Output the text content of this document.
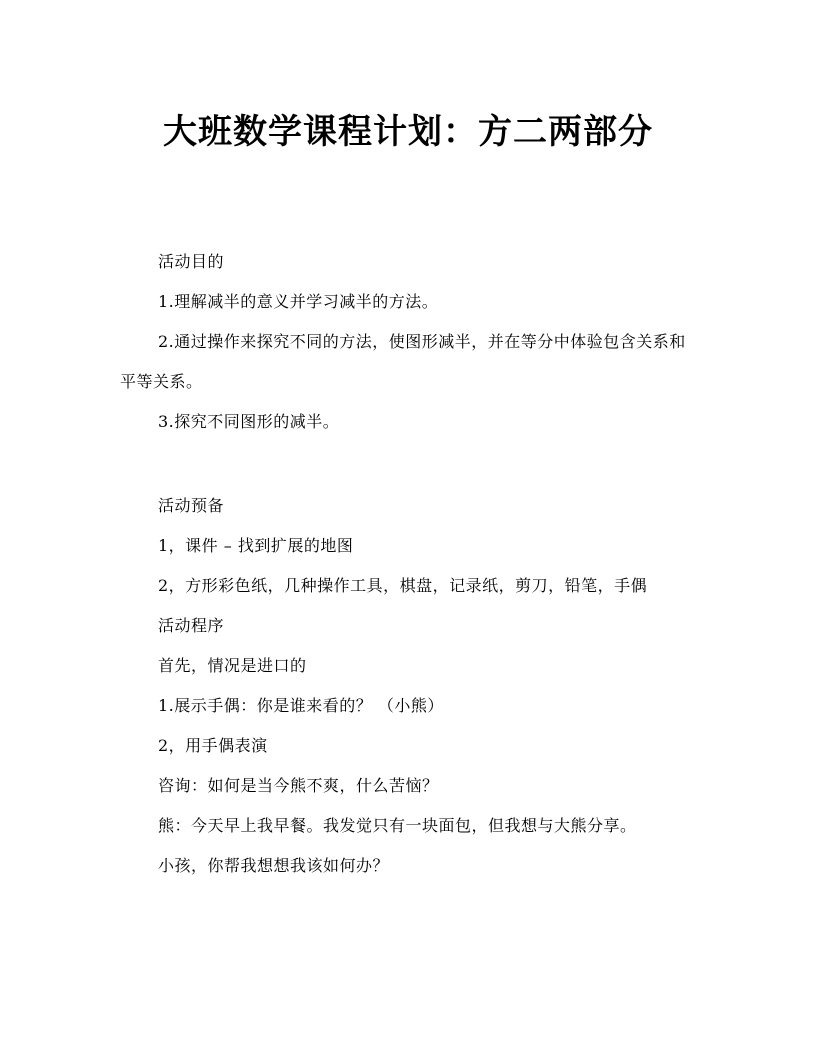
大班数学课程计划：方二两部分

活动目的

1.理解减半的意义并学习减半的方法。

2.通过操作来探究不同的方法，使图形减半，并在等分中体验包含关系和平等关系。

3.探究不同图形的减半。

活动预备

1，课件 – 找到扩展的地图

2，方形彩色纸，几种操作工具，棋盘，记录纸，剪刀，铅笔，手偶

活动程序

首先，情况是进口的

1.展示手偶：你是谁来看的？ （小熊）

2，用手偶表演

咨询：如何是当今熊不爽，什么苦恼？

熊：今天早上我早餐。我发觉只有一块面包，但我想与大熊分享。

小孩，你帮我想想我该如何办？
